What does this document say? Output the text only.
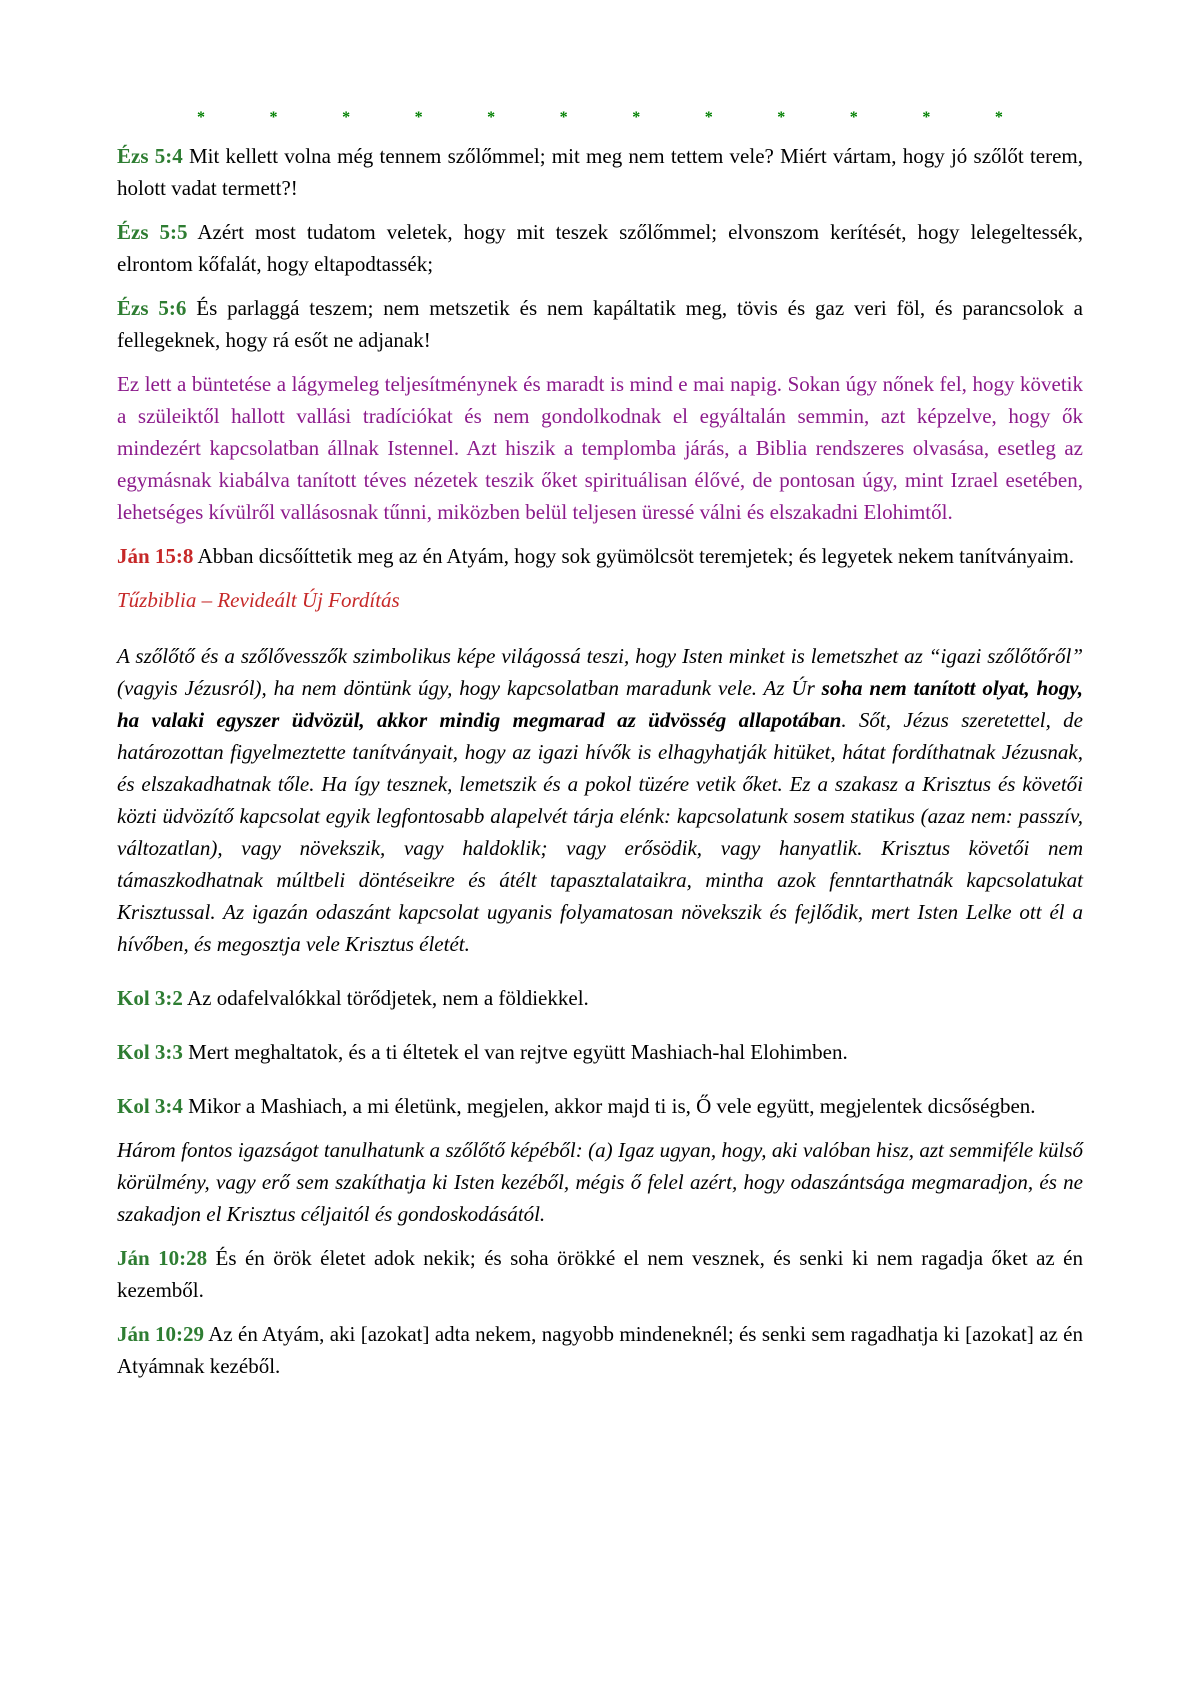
*	*	*	*	*	*	*	*	*	*	*	*

Ézs 5:4 Mit kellett volna még tennem szőlőmmel; mit meg nem tettem vele? Miért vártam, hogy jó szőlőt terem, holott vadat termett?!

Ézs 5:5 Azért most tudatom veletek, hogy mit teszek szőlőmmel; elvonszom kerítését, hogy lelegeltessék, elrontom kőfalát, hogy eltapodtassék;

Ézs 5:6 És parlaggá teszem; nem metszetik és nem kapáltatik meg, tövis és gaz veri föl, és parancsolok a fellegeknek, hogy rá esőt ne adjanak!

Ez lett a büntetése a lágymeleg teljesítménynek és maradt is mind e mai napig. Sokan úgy nőnek fel, hogy követik a szüleiktől hallott vallási tradíciókat és nem gondolkodnak el egyáltalán semmin, azt képzelve, hogy ők mindezért kapcsolatban állnak Istennel. Azt hiszik a templomba járás, a Biblia rendszeres olvasása, esetleg az egymásnak kiabálva tanított téves nézetek teszik őket spirituálisan élővé, de pontosan úgy, mint Izrael esetében, lehetséges kívülről vallásosnak tűnni, miközben belül teljesen üressé válni és elszakadni Elohimtől.

Ján 15:8 Abban dicsőíttetik meg az én Atyám, hogy sok gyümölcsöt teremjetek; és legyetek nekem tanítványaim.

Tűzbiblia – Revideált Új Fordítás

A szőlőtő és a szőlővesszők szimbolikus képe világossá teszi, hogy Isten minket is lemetszhet az “igazi szőlőtőről” (vagyis Jézusról), ha nem döntünk úgy, hogy kapcsolatban maradunk vele. Az Úr soha nem tanított olyat, hogy, ha valaki egyszer üdvözül, akkor mindig megmarad az üdvösség allapotában. Sőt, Jézus szeretettel, de határozottan figyelmeztette tanítványait, hogy az igazi hívők is elhagyhatják hitüket, hátat fordíthatnak Jézusnak, és elszakadhatnak tőle. Ha így tesznek, lemetszik és a pokol tüzére vetik őket. Ez a szakasz a Krisztus és követői közti üdvözítő kapcsolat egyik legfontosabb alapelvét tárja elénk: kapcsolatunk sosem statikus (azaz nem: passzív, változatlan), vagy növekszik, vagy haldoklik; vagy erősödik, vagy hanyatlik. Krisztus követői nem támaszkodhatnak múltbeli döntéseikre és átélt tapasztalataikra, mintha azok fenntarthatnák kapcsolatukat Krisztussal. Az igazán odaszánt kapcsolat ugyanis folyamatosan növekszik és fejlődik, mert Isten Lelke ott él a hívőben, és megosztja vele Krisztus életét.

Kol 3:2 Az odafelvalókkal törődjetek, nem a földiekkel.

Kol 3:3 Mert meghaltatok, és a ti éltetek el van rejtve együtt Mashiach-hal Elohimben.

Kol 3:4 Mikor a Mashiach, a mi életünk, megjelen, akkor majd ti is, Ő vele együtt, megjelentek dicsőségben.

Három fontos igazságot tanulhatunk a szőlőtő képéből: (a) Igaz ugyan, hogy, aki valóban hisz, azt semmiféle külső körülmény, vagy erő sem szakíthatja ki Isten kezéből, mégis ő felel azért, hogy odaszántsága megmaradjon, és ne szakadjon el Krisztus céljaitól és gondoskodásától.

Ján 10:28 És én örök életet adok nekik; és soha örökké el nem vesznek, és senki ki nem ragadja őket az én kezemből.

Ján 10:29 Az én Atyám, aki [azokat] adta nekem, nagyobb mindeneknél; és senki sem ragadhatja ki [azokat] az én Atyámnak kezéből.
